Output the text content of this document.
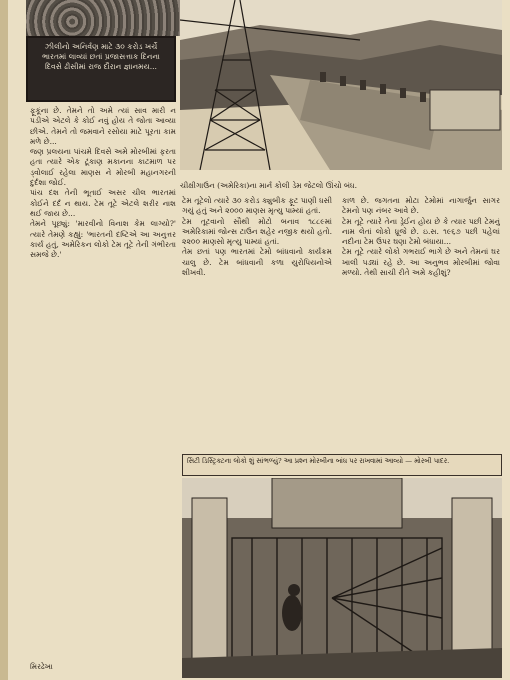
ઝીલીનો અનિર્વણ માટે ૩૦ કરોડ ખર્ચે ભારતમાં લાવ્યાં છતાં પ્રજાસત્તાક દિનના દિવસે ઢીસીમાં રાજ દૌરાન જ્ઞાનમય...
ચીક્ષીગાઉન (અમેરિકા)ના માર્ન કોલી ડેમ જેટલો ઊંચો બંધ.

ફૂકૂંના છે. તેમને તો અમે ત્યાં સાવ મારી ન પડીએ એટલે કે કોઈ નવું હોય તે જોતા આવ્યા છીએ. તેમને તો જમવાને રસોયા માટે પૂરતા કામ મળે છે...

જણ પ્રલયના પાંચમે દિવસે અમે મોરબીમાં ફરતા હતા ત્યારે એક ટૂંકાણ મકાનના કાટમાળ પર ડ્વોલાઈ રહેલા માણસ ને મોરબી મહાનગરની દુર્દશા જોઈ.

પાંચ દશ તેની ભૂતાઈ અસર ચીલ ભારતમાં કોઈને દર્દ ન થાય. ટેમ તૂટે એટલે શરીર નાશ થઈ જાય છે...

તેમને પૂછ્યું: 'મારવીનો વિનાશ કેમ લાગ્યો?' ત્યારે તેમણે કહ્યું: 'ભારતની દષ્ટિએ આ અનુત્તર કાર્ય હતું, અમેરિકન લોકો ટેમ તૂટે તેની ગંભીરતા સમજે છે.'

ટેમ તૂટેલો ત્યારે ૩૦ કરોડ ક્યુબીક ફૂટ પાણી ધસી ગયું હતું અને ૨૦૦૦ માણસ મૃત્યુ પામ્યાં હતાં.

ટેમ તૂટવાનો સૌથી મોટો બનાવ ૧૮૮૯માં અમેરિકામાં જોન્સ ટાઉન શહેર નજીક થયો હતો. ૨૨૦૦ માણસો મૃત્યુ પામ્યાં હતાં.

તેમ છતાં પણ ભારતમાં ટેમો બાંધવાનો કાર્યક્રમ ચાલુ છે. ટેમ બાંધવાની કળા યુરોપિયનોએ શીખવી.

કાળ છે. જગતના મોટા ટેમોમાં નાગાર્જુન સાગર ટેમનો પણ નંબર આવે છે.

ટેમ તૂટે ત્યારે તેના ડ્રેઈન હોય છે કે ત્યાર પછી ટેમનું નામ લેતાં લોકો ધ્રૂજે છે. ઇ.સ. ૧૯૬૭ પછી પહેલાં નદીના ટેમ ઉપર ઘણા ટેમો બંધાયા...

ટેમ તૂટે ત્યારે લોકો ગભરાઈ ભાગે છે અને તેમનાં ઘર ખાલી પડ્યાં રહે છે. આ અનુભવ મોરબીમાં જોવા મળ્યો. તેથી સાચી રીતે અમે કહીશું?

સિટી ડિસ્ટ્રિક્ટના લોકો શું સાંભળ્યું? આ પ્રશ્ન મોરબીના બાંધ પર રાખવામાં આવ્યો — મોરબી પાદર.
મિરઢેખા
